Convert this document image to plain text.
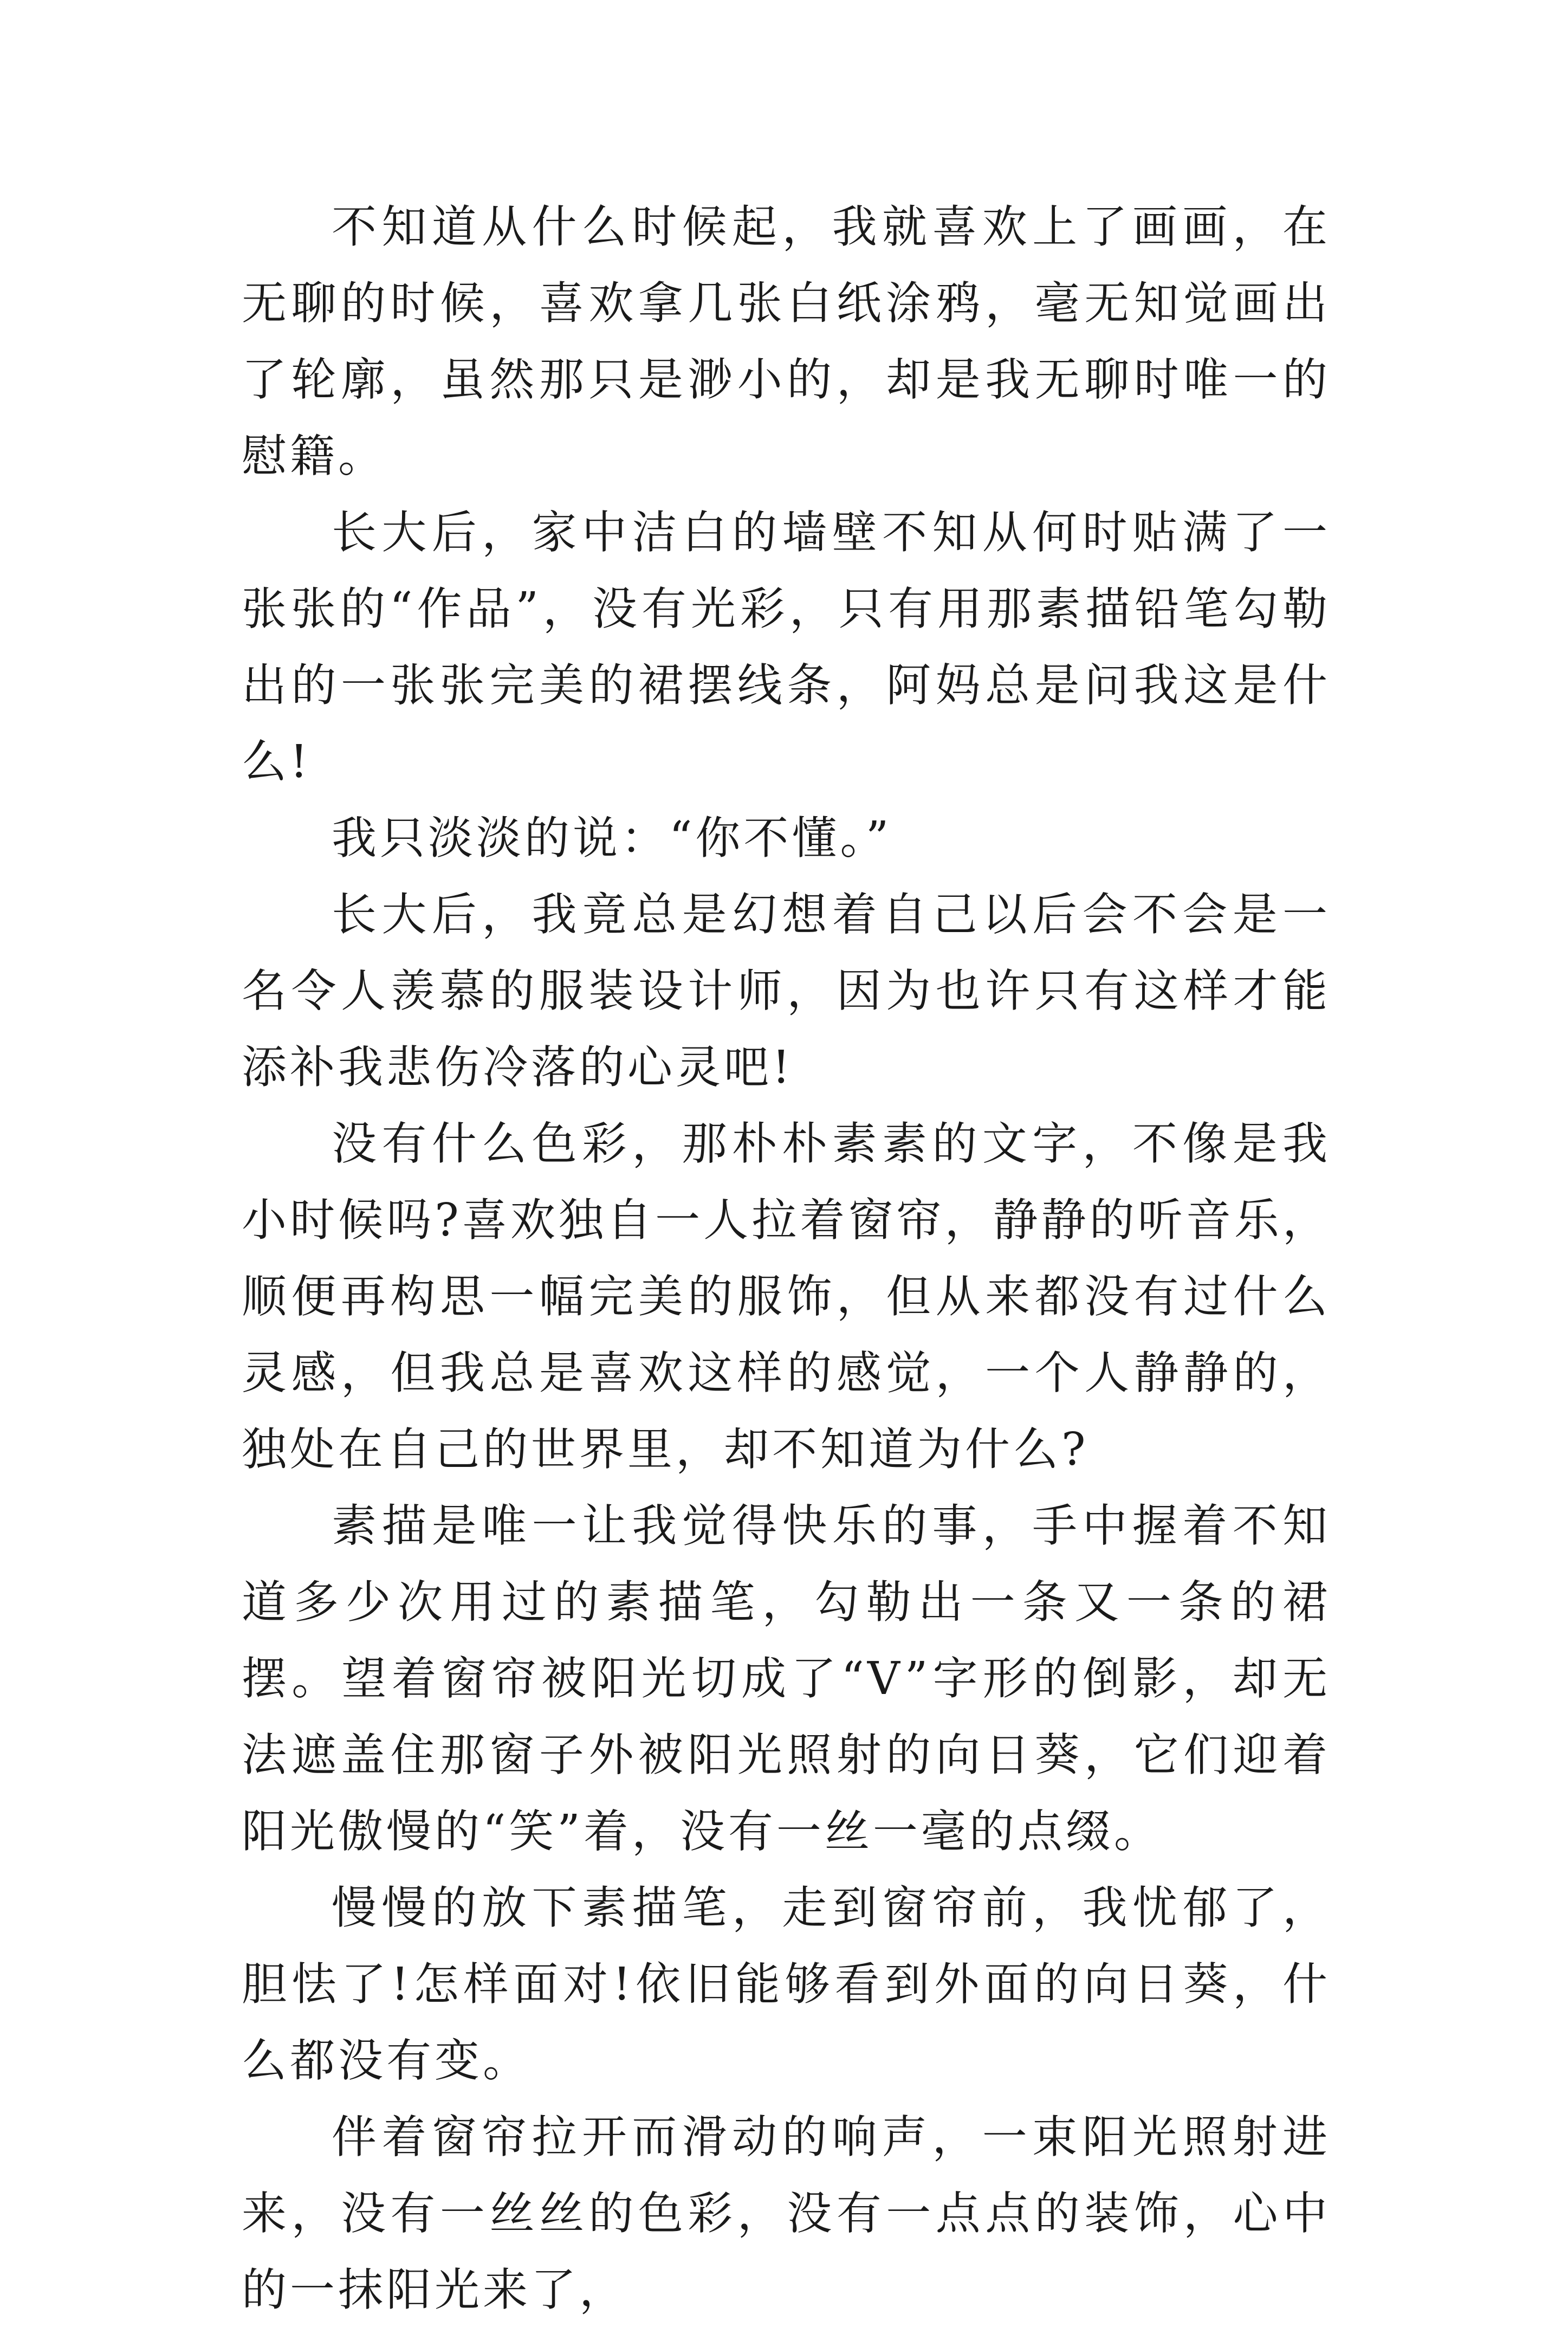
不知道从什么时候起，我就喜欢上了画画，在无聊的时候，喜欢拿几张白纸涂鸦，毫无知觉画出了轮廓，虽然那只是渺小的，却是我无聊时唯一的慰籍。

长大后，家中洁白的墙壁不知从何时贴满了一张张的“作品”，没有光彩，只有用那素描铅笔勾勒出的一张张完美的裙摆线条，阿妈总是问我这是什么!

我只淡淡的说：“你不懂。”

长大后，我竟总是幻想着自己以后会不会是一名令人羡慕的服装设计师，因为也许只有这样才能添补我悲伤冷落的心灵吧!

没有什么色彩，那朴朴素素的文字，不像是我小时候吗?喜欢独自一人拉着窗帘，静静的听音乐，顺便再构思一幅完美的服饰，但从来都没有过什么灵感，但我总是喜欢这样的感觉，一个人静静的，独处在自己的世界里，却不知道为什么?

素描是唯一让我觉得快乐的事，手中握着不知道多少次用过的素描笔，勾勒出一条又一条的裙摆。望着窗帘被阳光切成了“V”字形的倒影，却无法遮盖住那窗子外被阳光照射的向日葵，它们迎着阳光傲慢的“笑”着，没有一丝一毫的点缀。

慢慢的放下素描笔，走到窗帘前，我忧郁了，胆怯了!怎样面对!依旧能够看到外面的向日葵，什么都没有变。

伴着窗帘拉开而滑动的响声，一束阳光照射进来，没有一丝丝的色彩，没有一点点的装饰，心中的一抹阳光来了，
